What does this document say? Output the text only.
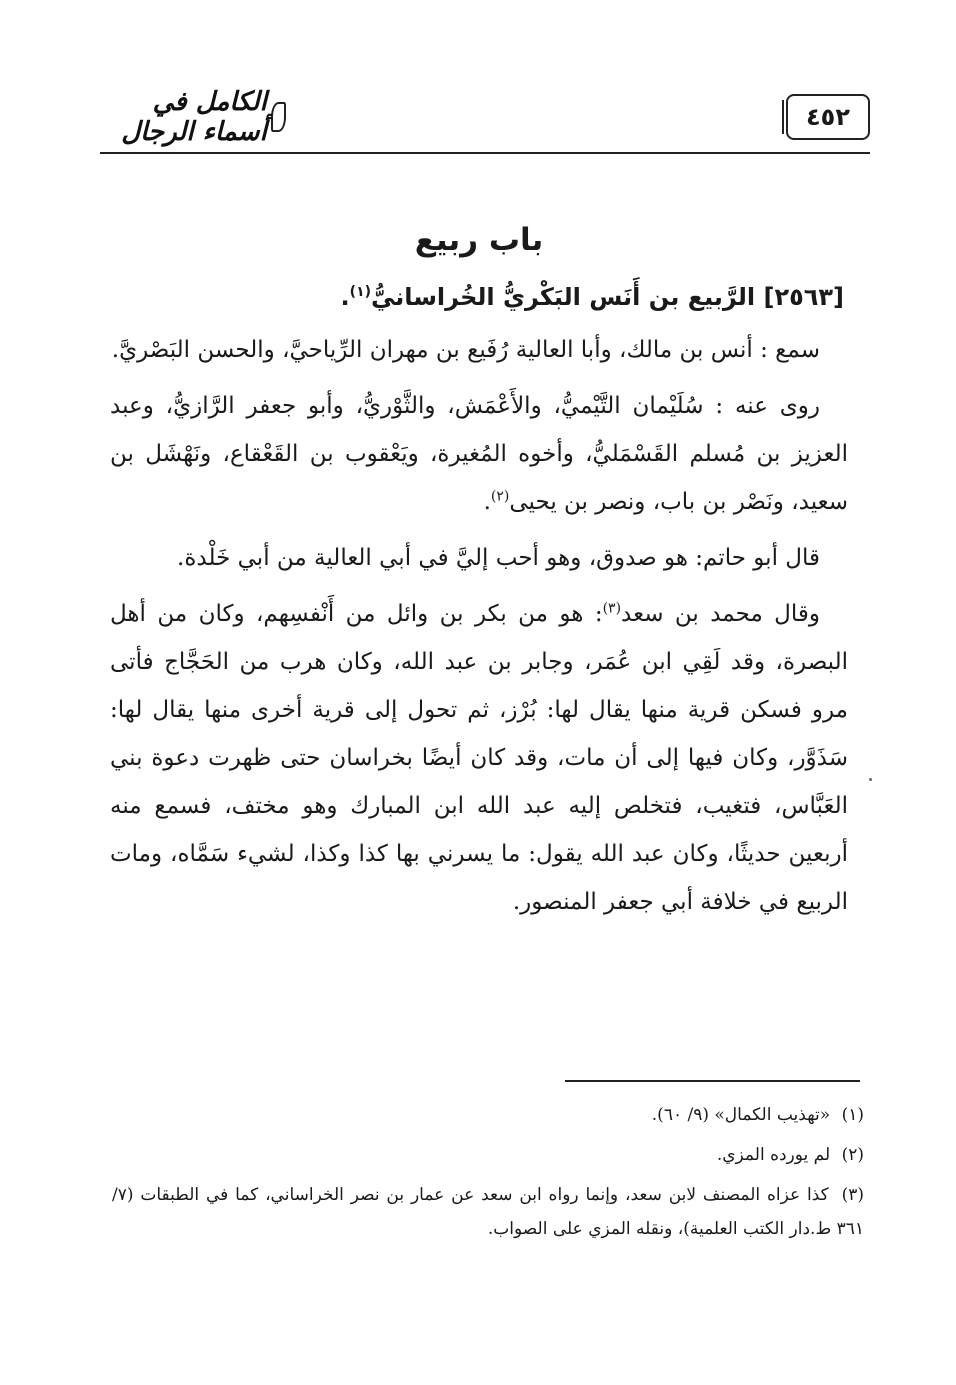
الكامل في أسماء الرجال	٤٥٢
باب ربيع
[٢٥٦٣] الرَّبيع بن أَنَس البَكْريُّ الخُراسانيُّ$^{(١)}$.

سمع : أنس بن مالك، وأبا العالية رُفَيع بن مهران الرِّياحيَّ، والحسن البَصْريَّ.

روى عنه : سُلَيْمان التَّيْميُّ، والأَعْمَش، والثَّوْريُّ، وأبو جعفر الرَّازيُّ، وعبد العزيز بن مُسلم القَسْمَليُّ، وأخوه المُغيرة، ويَعْقوب بن القَعْقاع، ونَهْشَل بن سعيد، ونَصْر بن باب، ونصر بن يحيى$^{(٢)}$.

قال أبو حاتم: هو صدوق، وهو أحب إليَّ في أبي العالية من أبي خَلْدة.

وقال محمد بن سعد$^{(٣)}$: هو من بكر بن وائل من أَنْفسِهم، وكان من أهل البصرة، وقد لَقِي ابن عُمَر، وجابر بن عبد الله، وكان هرب من الحَجَّاج فأتى مرو فسكن قرية منها يقال لها: بُرْز، ثم تحول إلى قرية أخرى منها يقال لها: سَذَوَّر، وكان فيها إلى أن مات، وقد كان أيضًا بخراسان حتى ظهرت دعوة بني العَبَّاس، فتغيب، فتخلص إليه عبد الله ابن المبارك وهو مختف، فسمع منه أربعين حديثًا، وكان عبد الله يقول: ما يسرني بها كذا وكذا، لشيء سَمَّاه، ومات الربيع في خلافة أبي جعفر المنصور.

(١) «تهذيب الكمال» (٩/ ٦٠).
(٢) لم يورده المزي.
(٣) كذا عزاه المصنف لابن سعد، وإنما رواه ابن سعد عن عمار بن نصر الخراساني، كما في الطبقات (٧/ ٣٦١ ط.دار الكتب العلمية)، ونقله المزي على الصواب.
